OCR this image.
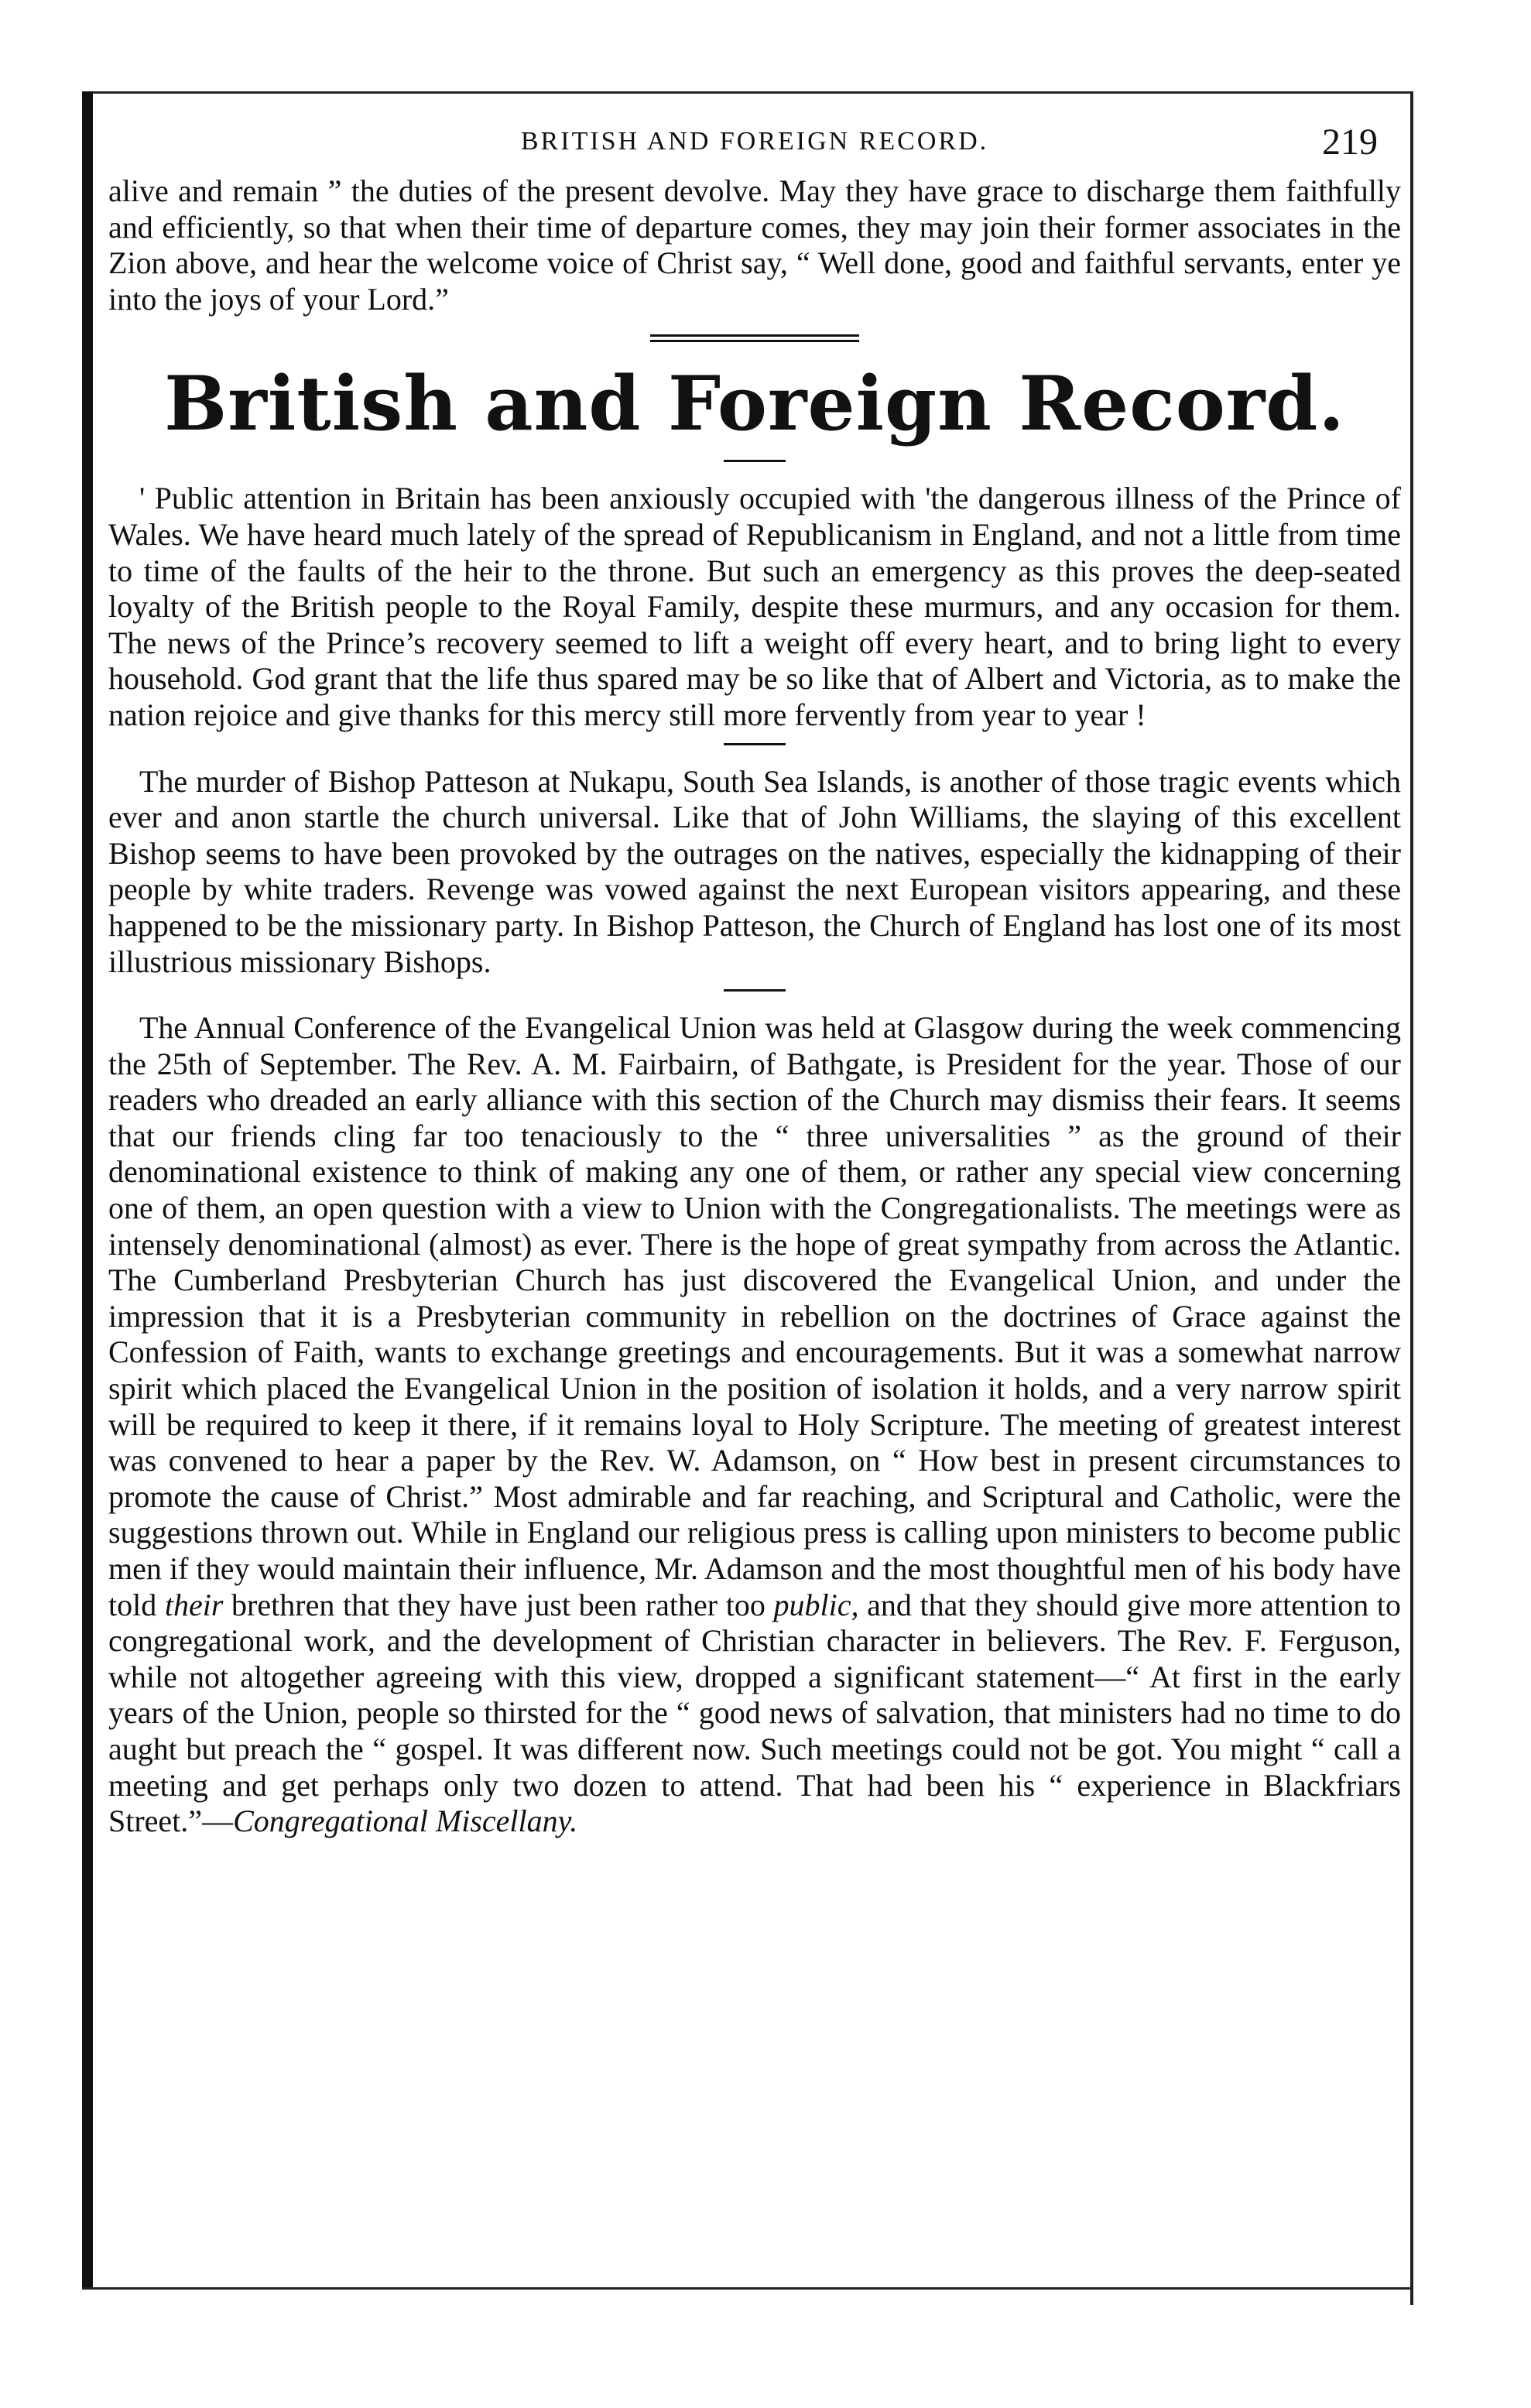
BRITISH AND FOREIGN RECORD.	219

alive and remain ” the duties of the present devolve. May they have grace to discharge them faithfully and efficiently, so that when their time of departure comes, they may join their former associates in the Zion above, and hear the welcome voice of Christ say, “ Well done, good and faithful servants, enter ye into the joys of your Lord.”

British and Foreign Record.

' Public attention in Britain has been anxiously occupied with 'the dangerous illness of the Prince of Wales. We have heard much lately of the spread of Republicanism in England, and not a little from time to time of the faults of the heir to the throne. But such an emergency as this proves the deep-seated loyalty of the British people to the Royal Family, despite these murmurs, and any occasion for them. The news of the Prince’s recovery seemed to lift a weight off every heart, and to bring light to every household. God grant that the life thus spared may be so like that of Albert and Victoria, as to make the nation rejoice and give thanks for this mercy still more fervently from year to year !

The murder of Bishop Patteson at Nukapu, South Sea Islands, is another of those tragic events which ever and anon startle the church universal. Like that of John Williams, the slaying of this excellent Bishop seems to have been provoked by the outrages on the natives, especially the kidnapping of their people by white traders. Revenge was vowed against the next European visitors appearing, and these happened to be the missionary party. In Bishop Patteson, the Church of England has lost one of its most illustrious missionary Bishops.

The Annual Conference of the Evangelical Union was held at Glasgow during the week commencing the 25th of September. The Rev. A. M. Fairbairn, of Bathgate, is President for the year. Those of our readers who dreaded an early alliance with this section of the Church may dismiss their fears. It seems that our friends cling far too tenaciously to the “ three universalities ” as the ground of their denominational existence to think of making any one of them, or rather any special view concerning one of them, an open question with a view to Union with the Congregationalists. The meetings were as intensely denominational (almost) as ever. There is the hope of great sympathy from across the Atlantic. The Cumberland Presbyterian Church has just discovered the Evangelical Union, and under the impression that it is a Presbyterian community in rebellion on the doctrines of Grace against the Confession of Faith, wants to exchange greetings and encouragements. But it was a somewhat narrow spirit which placed the Evangelical Union in the position of isolation it holds, and a very narrow spirit will be required to keep it there, if it remains loyal to Holy Scripture. The meeting of greatest interest was convened to hear a paper by the Rev. W. Adamson, on “ How best in present circumstances to promote the cause of Christ.” Most admirable and far reaching, and Scriptural and Catholic, were the suggestions thrown out. While in England our religious press is calling upon ministers to become public men if they would maintain their influence, Mr. Adamson and the most thoughtful men of his body have told their brethren that they have just been rather too public, and that they should give more attention to congregational work, and the development of Christian character in believers. The Rev. F. Ferguson, while not altogether agreeing with this view, dropped a significant statement—“ At first in the early years of the Union, people so thirsted for the “ good news of salvation, that ministers had no time to do aught but preach the “ gospel. It was different now. Such meetings could not be got. You might “ call a meeting and get perhaps only two dozen to attend. That had been his “ experience in Blackfriars Street.”—Congregational Miscellany.
